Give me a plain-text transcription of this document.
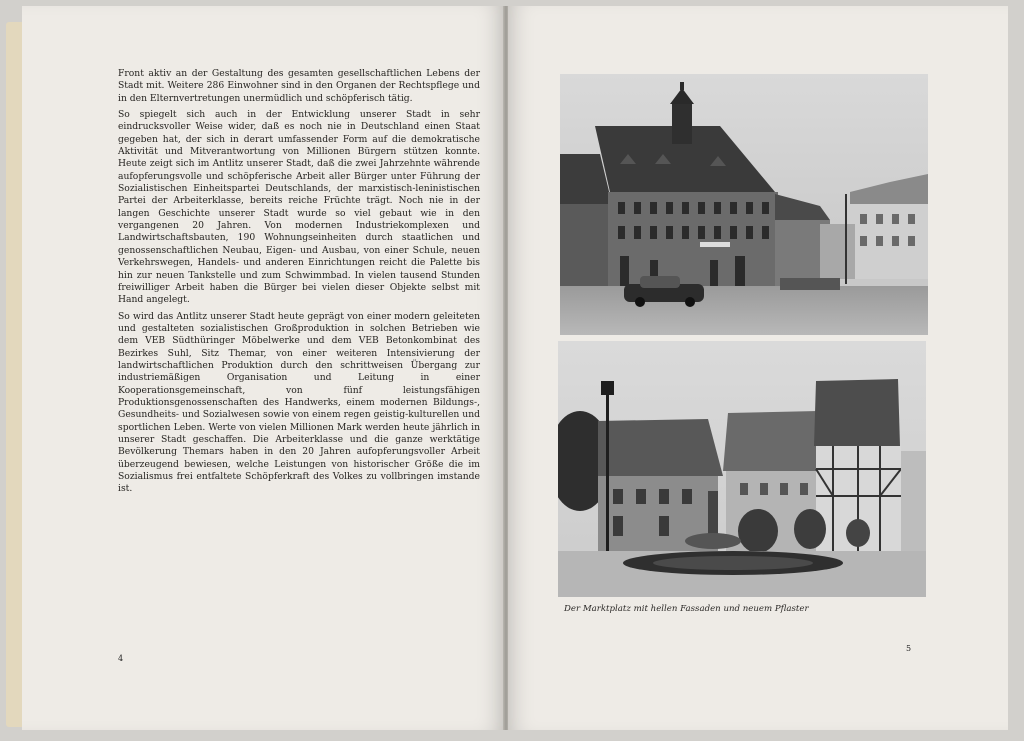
Front aktiv an der Gestaltung des gesamten gesellschaftlichen Lebens der Stadt mit. Weitere 286 Einwohner sind in den Organen der Rechtspflege und in den Elternvertretungen unermüdlich und schöpferisch tätig.

So spiegelt sich auch in der Entwicklung unserer Stadt in sehr eindrucksvoller Weise wider, daß es noch nie in Deutschland einen Staat gegeben hat, der sich in derart umfassender Form auf die demokratische Aktivität und Mitverantwortung von Millionen Bürgern stützen konnte. Heute zeigt sich im Antlitz unserer Stadt, daß die zwei Jahrzehnte währende aufopferungsvolle und schöpferische Arbeit aller Bürger unter Führung der Sozialistischen Einheitspartei Deutschlands, der marxistisch-leninistischen Partei der Arbeiterklasse, bereits reiche Früchte trägt. Noch nie in der langen Geschichte unserer Stadt wurde so viel gebaut wie in den vergangenen 20 Jahren. Von modernen Industriekomplexen und Landwirtschaftsbauten, 190 Wohnungseinheiten durch staatlichen und genossenschaftlichen Neubau, Eigen- und Ausbau, von einer Schule, neuen Verkehrswegen, Handels- und anderen Einrichtungen reicht die Palette bis hin zur neuen Tankstelle und zum Schwimmbad. In vielen tausend Stunden freiwilliger Arbeit haben die Bürger bei vielen dieser Objekte selbst mit Hand angelegt.

So wird das Antlitz unserer Stadt heute geprägt von einer modern geleiteten und gestalteten sozialistischen Großproduktion in solchen Betrieben wie dem VEB Südthüringer Möbelwerke und dem VEB Betonkombinat des Bezirkes Suhl, Sitz Themar, von einer weiteren Intensivierung der landwirtschaftlichen Produktion durch den schrittweisen Übergang zur industriemäßigen Organisation und Leitung in einer Kooperationsgemeinschaft, von fünf leistungsfähigen Produktionsgenossenschaften des Handwerks, einem modernen Bildungs-, Gesundheits- und Sozialwesen sowie von einem regen geistig-kulturellen und sportlichen Leben. Werte von vielen Millionen Mark werden heute jährlich in unserer Stadt geschaffen. Die Arbeiterklasse und die ganze werktätige Bevölkerung Themars haben in den 20 Jahren aufopferungsvoller Arbeit überzeugend bewiesen, welche Leistungen von historischer Größe die im Sozialismus frei entfaltete Schöpferkraft des Volkes zu vollbringen imstande ist.

4
Der Marktplatz mit hellen Fassaden und neuem Pflaster
5
